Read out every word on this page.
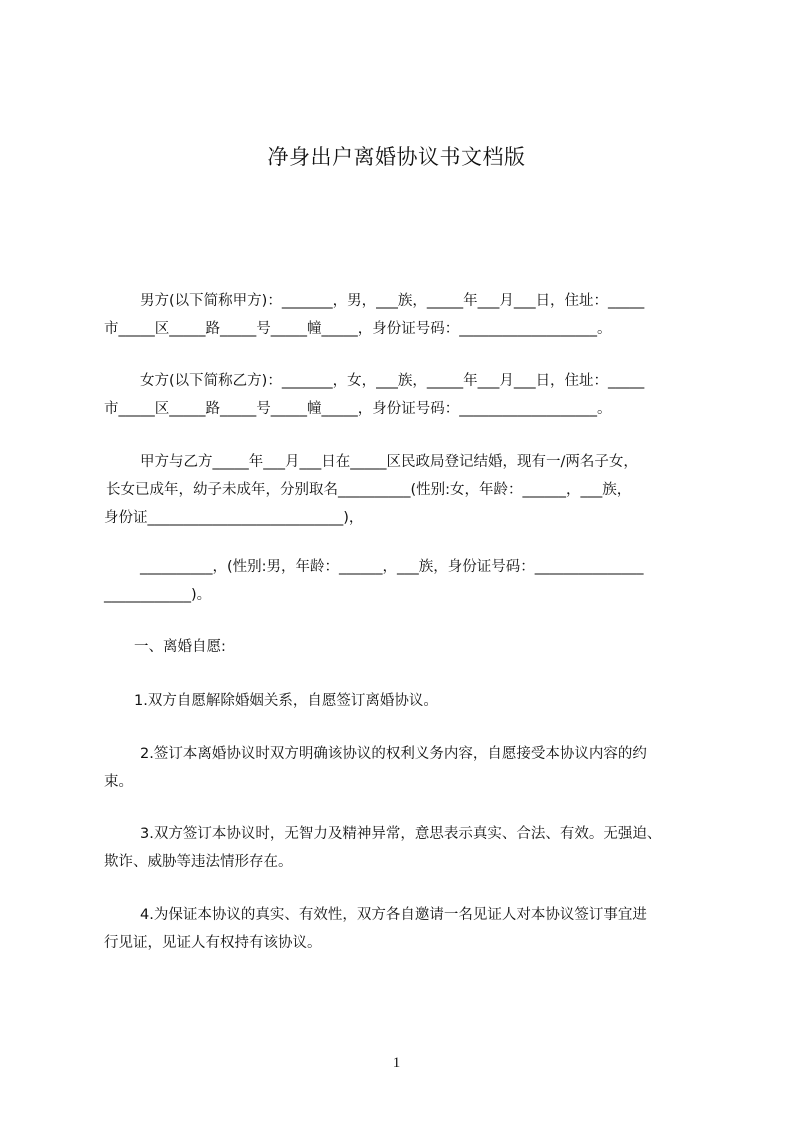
净身出户离婚协议书文档版
男方(以下简称甲方)：_______，男，___族，_____年___月___日，住址：_____
市_____区_____路_____号_____幢_____，身份证号码：___________________。
女方(以下简称乙方)：_______，女，___族，_____年___月___日，住址：_____
市_____区_____路_____号_____幢_____，身份证号码：___________________。
甲方与乙方_____年___月___日在_____区民政局登记结婚，现有一/两名子女，
长女已成年，幼子未成年，分别取名__________(性别:女，年龄：______，___族，
身份证___________________________)，
__________，(性别:男，年龄：______，___族，身份证号码：_______________
____________)。
一、离婚自愿:
1.双方自愿解除婚姻关系，自愿签订离婚协议。
2.签订本离婚协议时双方明确该协议的权利义务内容，自愿接受本协议内容的约
束。
3.双方签订本协议时，无智力及精神异常，意思表示真实、合法、有效。无强迫、
欺诈、威胁等违法情形存在。
4.为保证本协议的真实、有效性，双方各自邀请一名见证人对本协议签订事宜进
行见证，见证人有权持有该协议。
1
